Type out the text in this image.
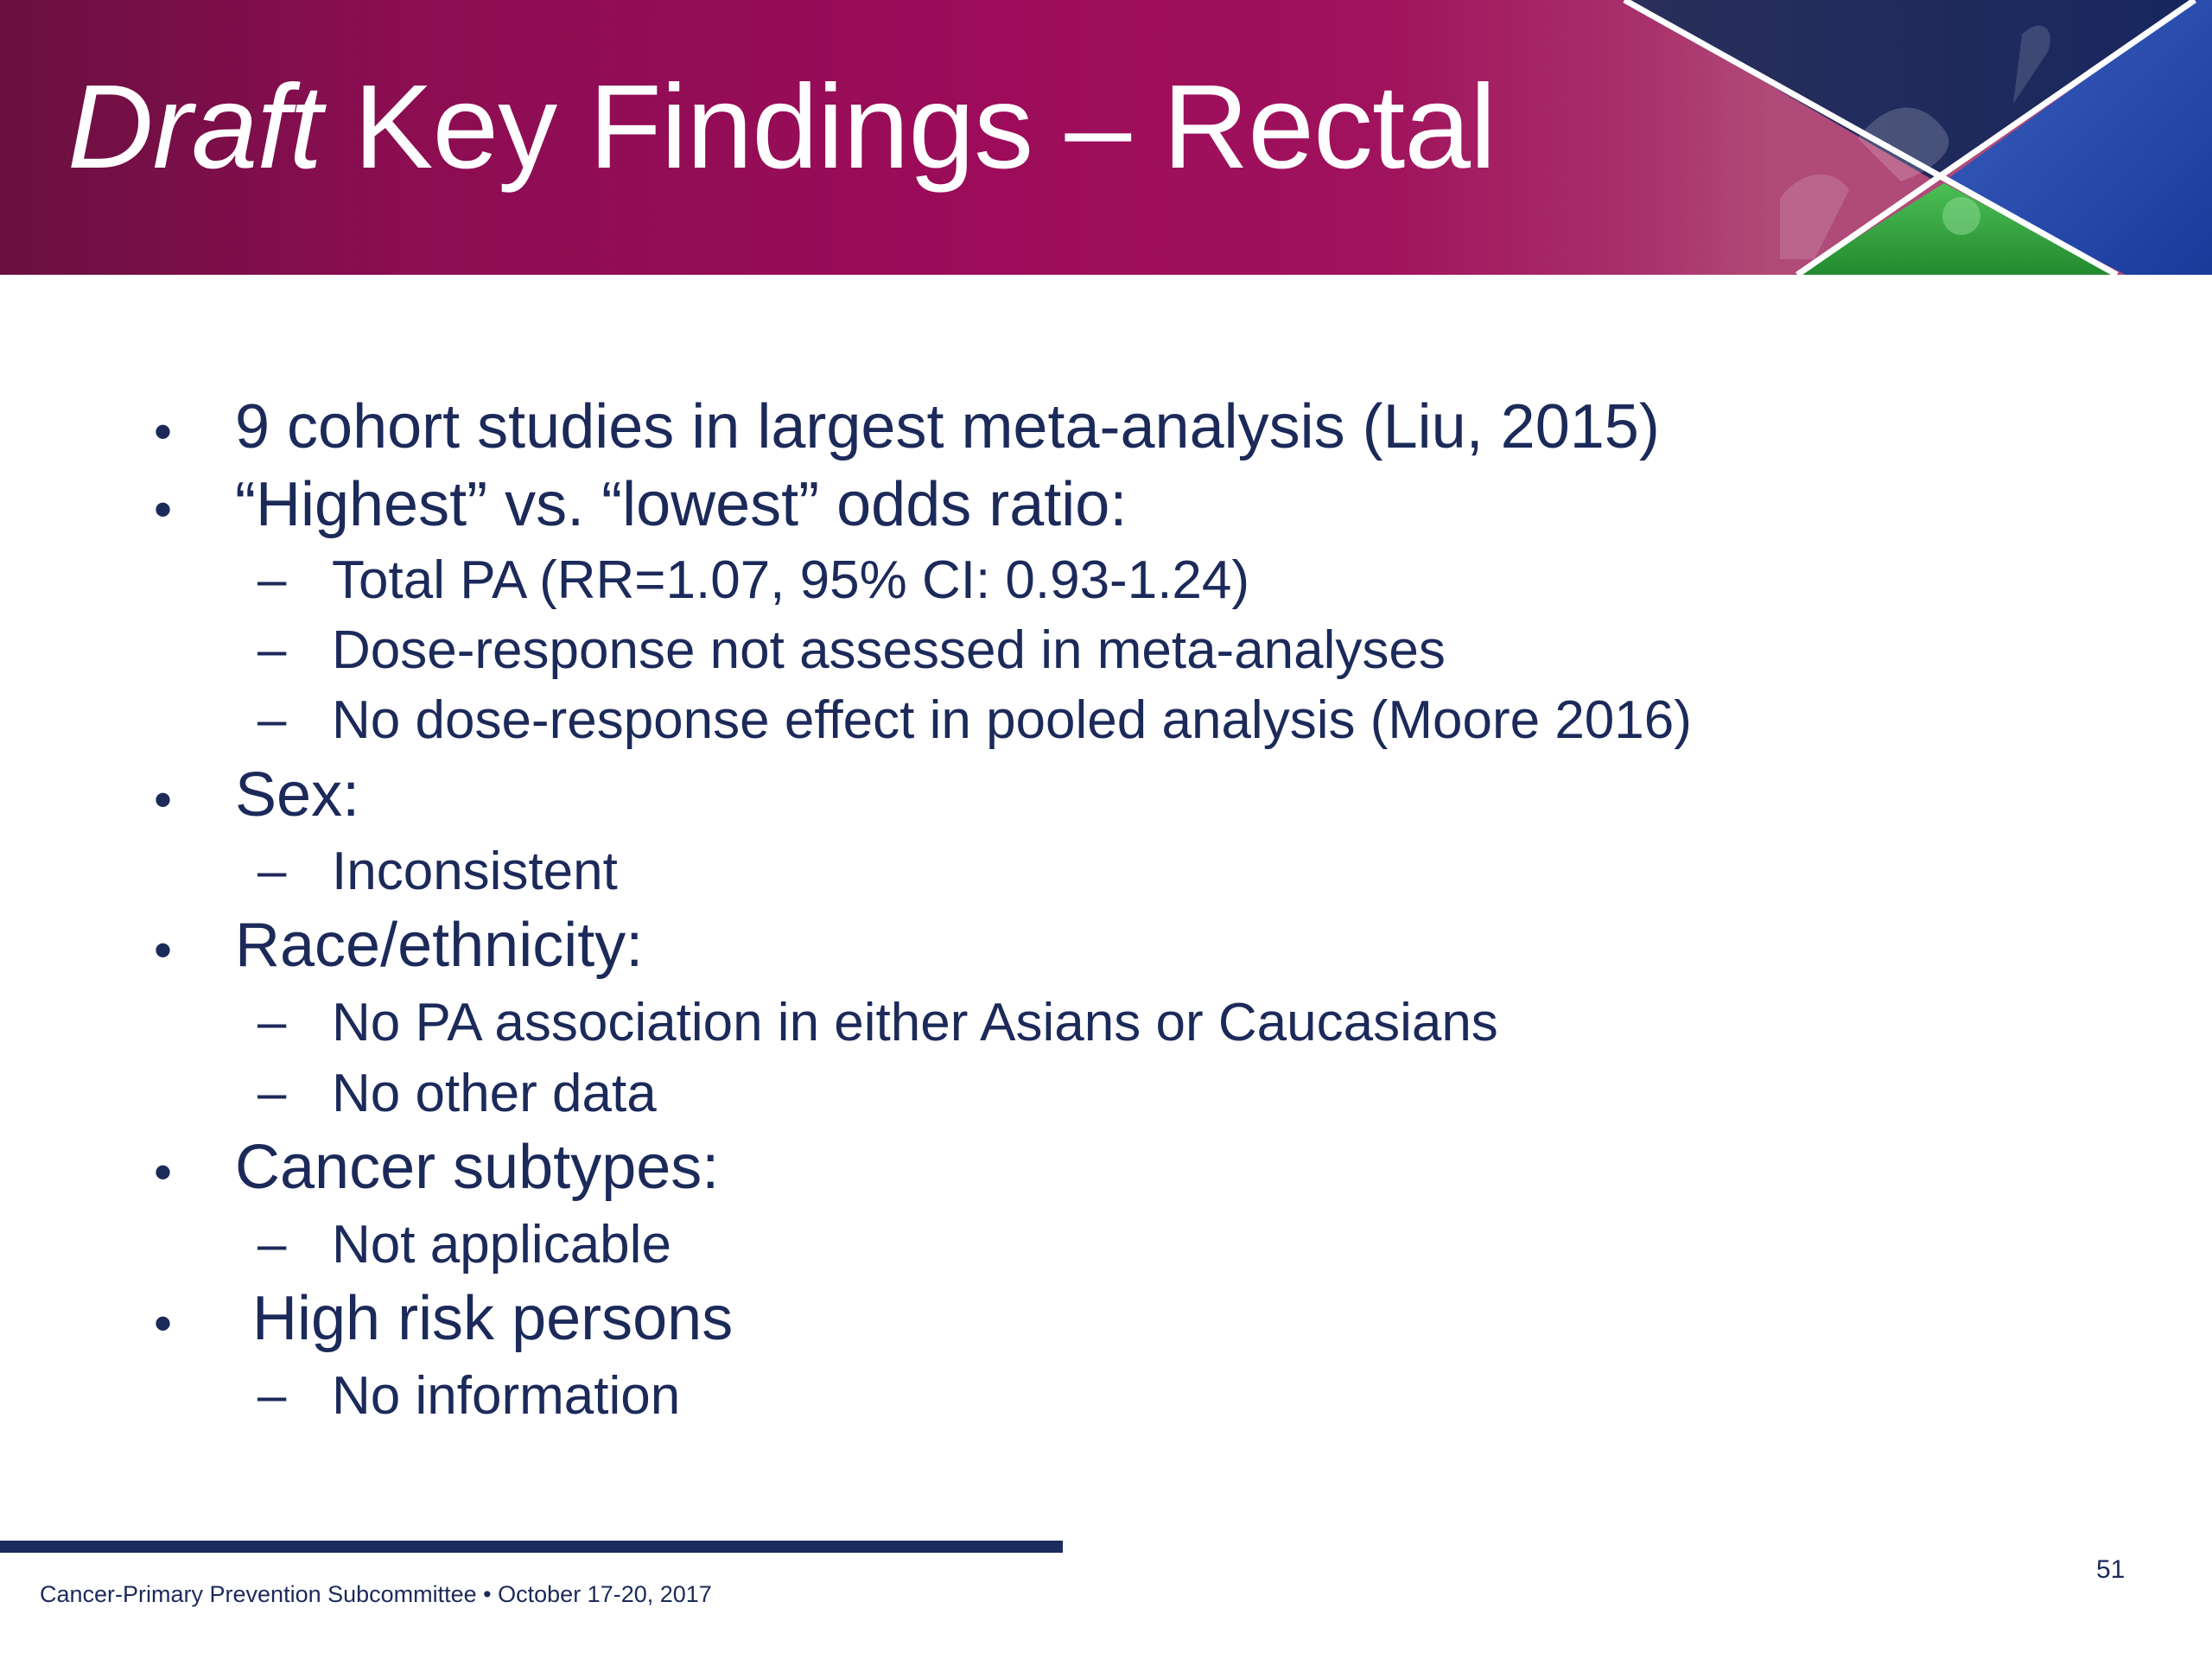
Draft Key Findings – Rectal
• 9 cohort studies in largest meta-analysis (Liu, 2015)
• “Highest” vs. “lowest” odds ratio:
– Total PA (RR=1.07, 95% CI: 0.93-1.24)
– Dose-response not assessed in meta-analyses
– No dose-response effect in pooled analysis (Moore 2016)
• Sex:
– Inconsistent
• Race/ethnicity:
– No PA association in either Asians or Caucasians
– No other data
• Cancer subtypes:
– Not applicable
• High risk persons
– No information
Cancer-Primary Prevention Subcommittee • October 17-20, 2017
51
